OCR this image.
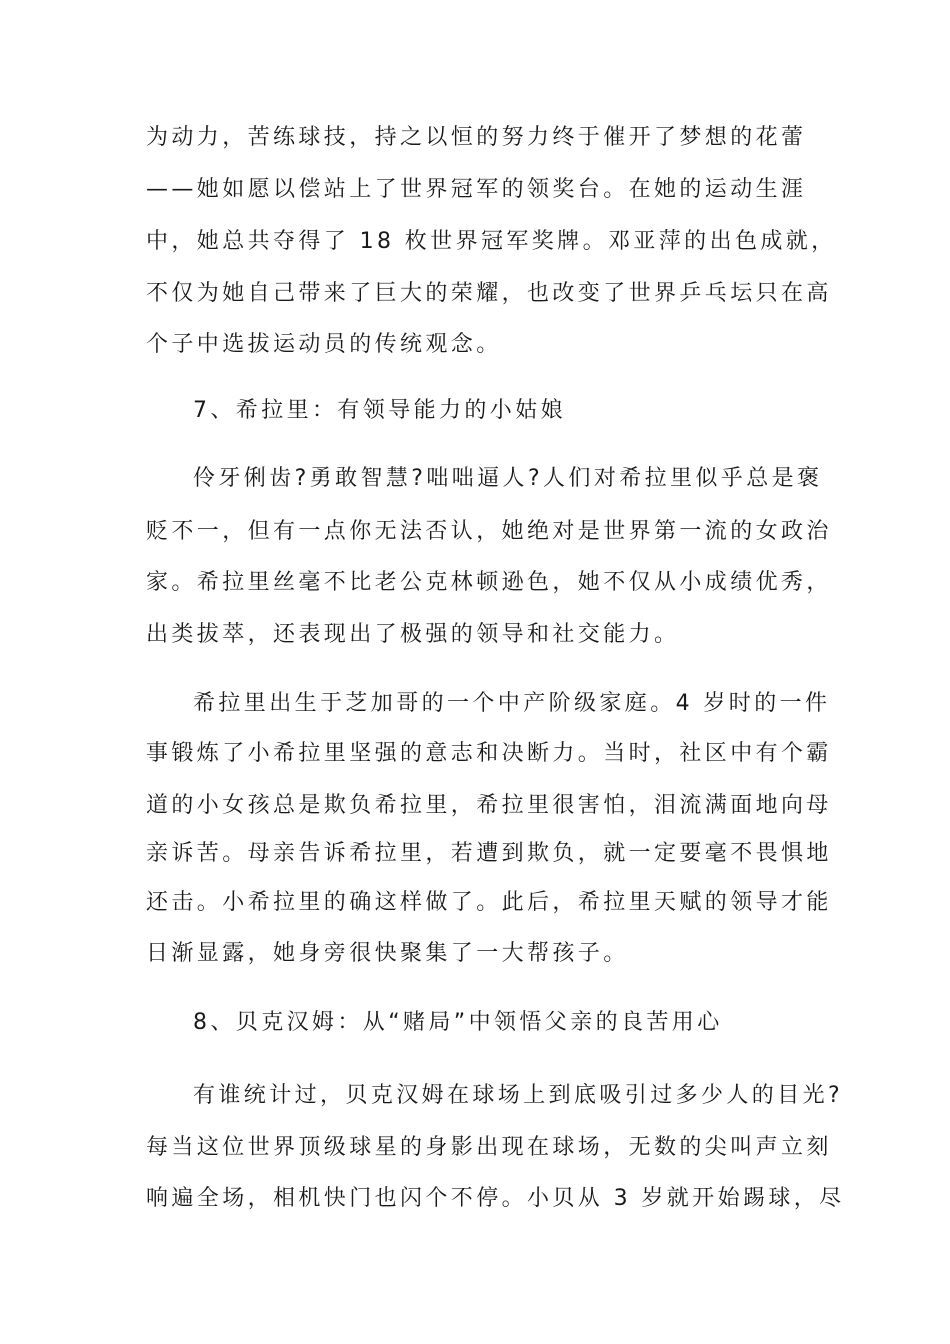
为动力，苦练球技，持之以恒的努力终于催开了梦想的花蕾
——她如愿以偿站上了世界冠军的领奖台。在她的运动生涯
中，她总共夺得了 18 枚世界冠军奖牌。邓亚萍的出色成就，
不仅为她自己带来了巨大的荣耀，也改变了世界乒乓坛只在高
个子中选拔运动员的传统观念。
7、希拉里：有领导能力的小姑娘
伶牙俐齿?勇敢智慧?咄咄逼人?人们对希拉里似乎总是褒
贬不一，但有一点你无法否认，她绝对是世界第一流的女政治
家。希拉里丝毫不比老公克林顿逊色，她不仅从小成绩优秀，
出类拔萃，还表现出了极强的领导和社交能力。
希拉里出生于芝加哥的一个中产阶级家庭。4 岁时的一件
事锻炼了小希拉里坚强的意志和决断力。当时，社区中有个霸
道的小女孩总是欺负希拉里，希拉里很害怕，泪流满面地向母
亲诉苦。母亲告诉希拉里，若遭到欺负，就一定要毫不畏惧地
还击。小希拉里的确这样做了。此后，希拉里天赋的领导才能
日渐显露，她身旁很快聚集了一大帮孩子。
8、贝克汉姆：从“赌局”中领悟父亲的良苦用心
有谁统计过，贝克汉姆在球场上到底吸引过多少人的目光?
每当这位世界顶级球星的身影出现在球场，无数的尖叫声立刻
响遍全场，相机快门也闪个不停。小贝从 3 岁就开始踢球，尽
